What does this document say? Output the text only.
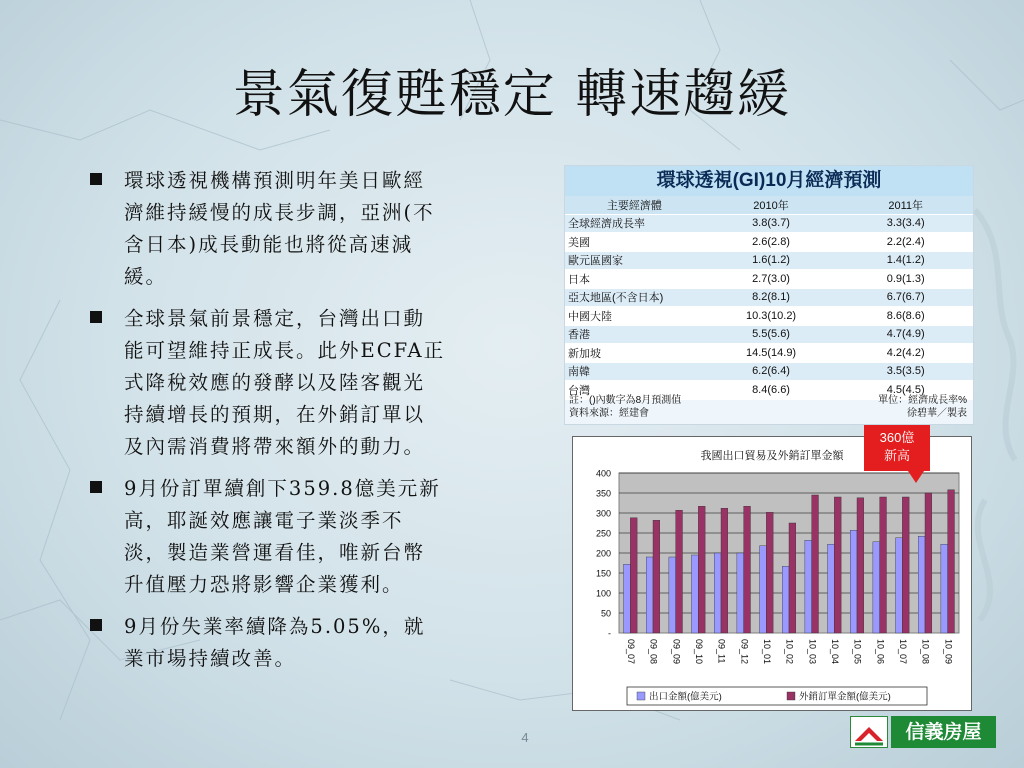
景氣復甦穩定 轉速趨緩
環球透視機構預測明年美日歐經濟維持緩慢的成長步調，亞洲(不含日本)成長動能也將從高速減緩。
全球景氣前景穩定，台灣出口動能可望維持正成長。此外ECFA正式降稅效應的發酵以及陸客觀光持續增長的預期，在外銷訂單以及內需消費將帶來額外的動力。
9月份訂單續創下359.8億美元新高，耶誕效應讓電子業淡季不淡，製造業營運看佳，唯新台幣升值壓力恐將影響企業獲利。
9月份失業率續降為5.05%，就業市場持續改善。
環球透視(GI)10月經濟預測
主要經濟體	2010年	2011年
全球經濟成長率	3.8(3.7)	3.3(3.4)
美國	2.6(2.8)	2.2(2.4)
歐元區國家	1.6(1.2)	1.4(1.2)
日本	2.7(3.0)	0.9(1.3)
亞太地區(不含日本)	8.2(8.1)	6.7(6.7)
中國大陸	10.3(10.2)	8.6(8.6)
香港	5.5(5.6)	4.7(4.9)
新加坡	14.5(14.9)	4.2(4.2)
南韓	6.2(6.4)	3.5(3.5)
台灣	8.4(6.6)	4.5(4.5)
註：()內數字為8月預測值
資料來源：經建會
單位：經濟成長率%
徐碧華／製表
我國出口貿易及外銷訂單金額
-
50
100
150
200
250
300
350
400
09_07 09_08 09_09 09_10 09_11 09_12 10_01 10_02 10_03 10_04 10_05 10_06 10_07 10_08 10_09
出口金額(億美元)	外銷訂單金額(億美元)
360億
新高
4	信義房屋
